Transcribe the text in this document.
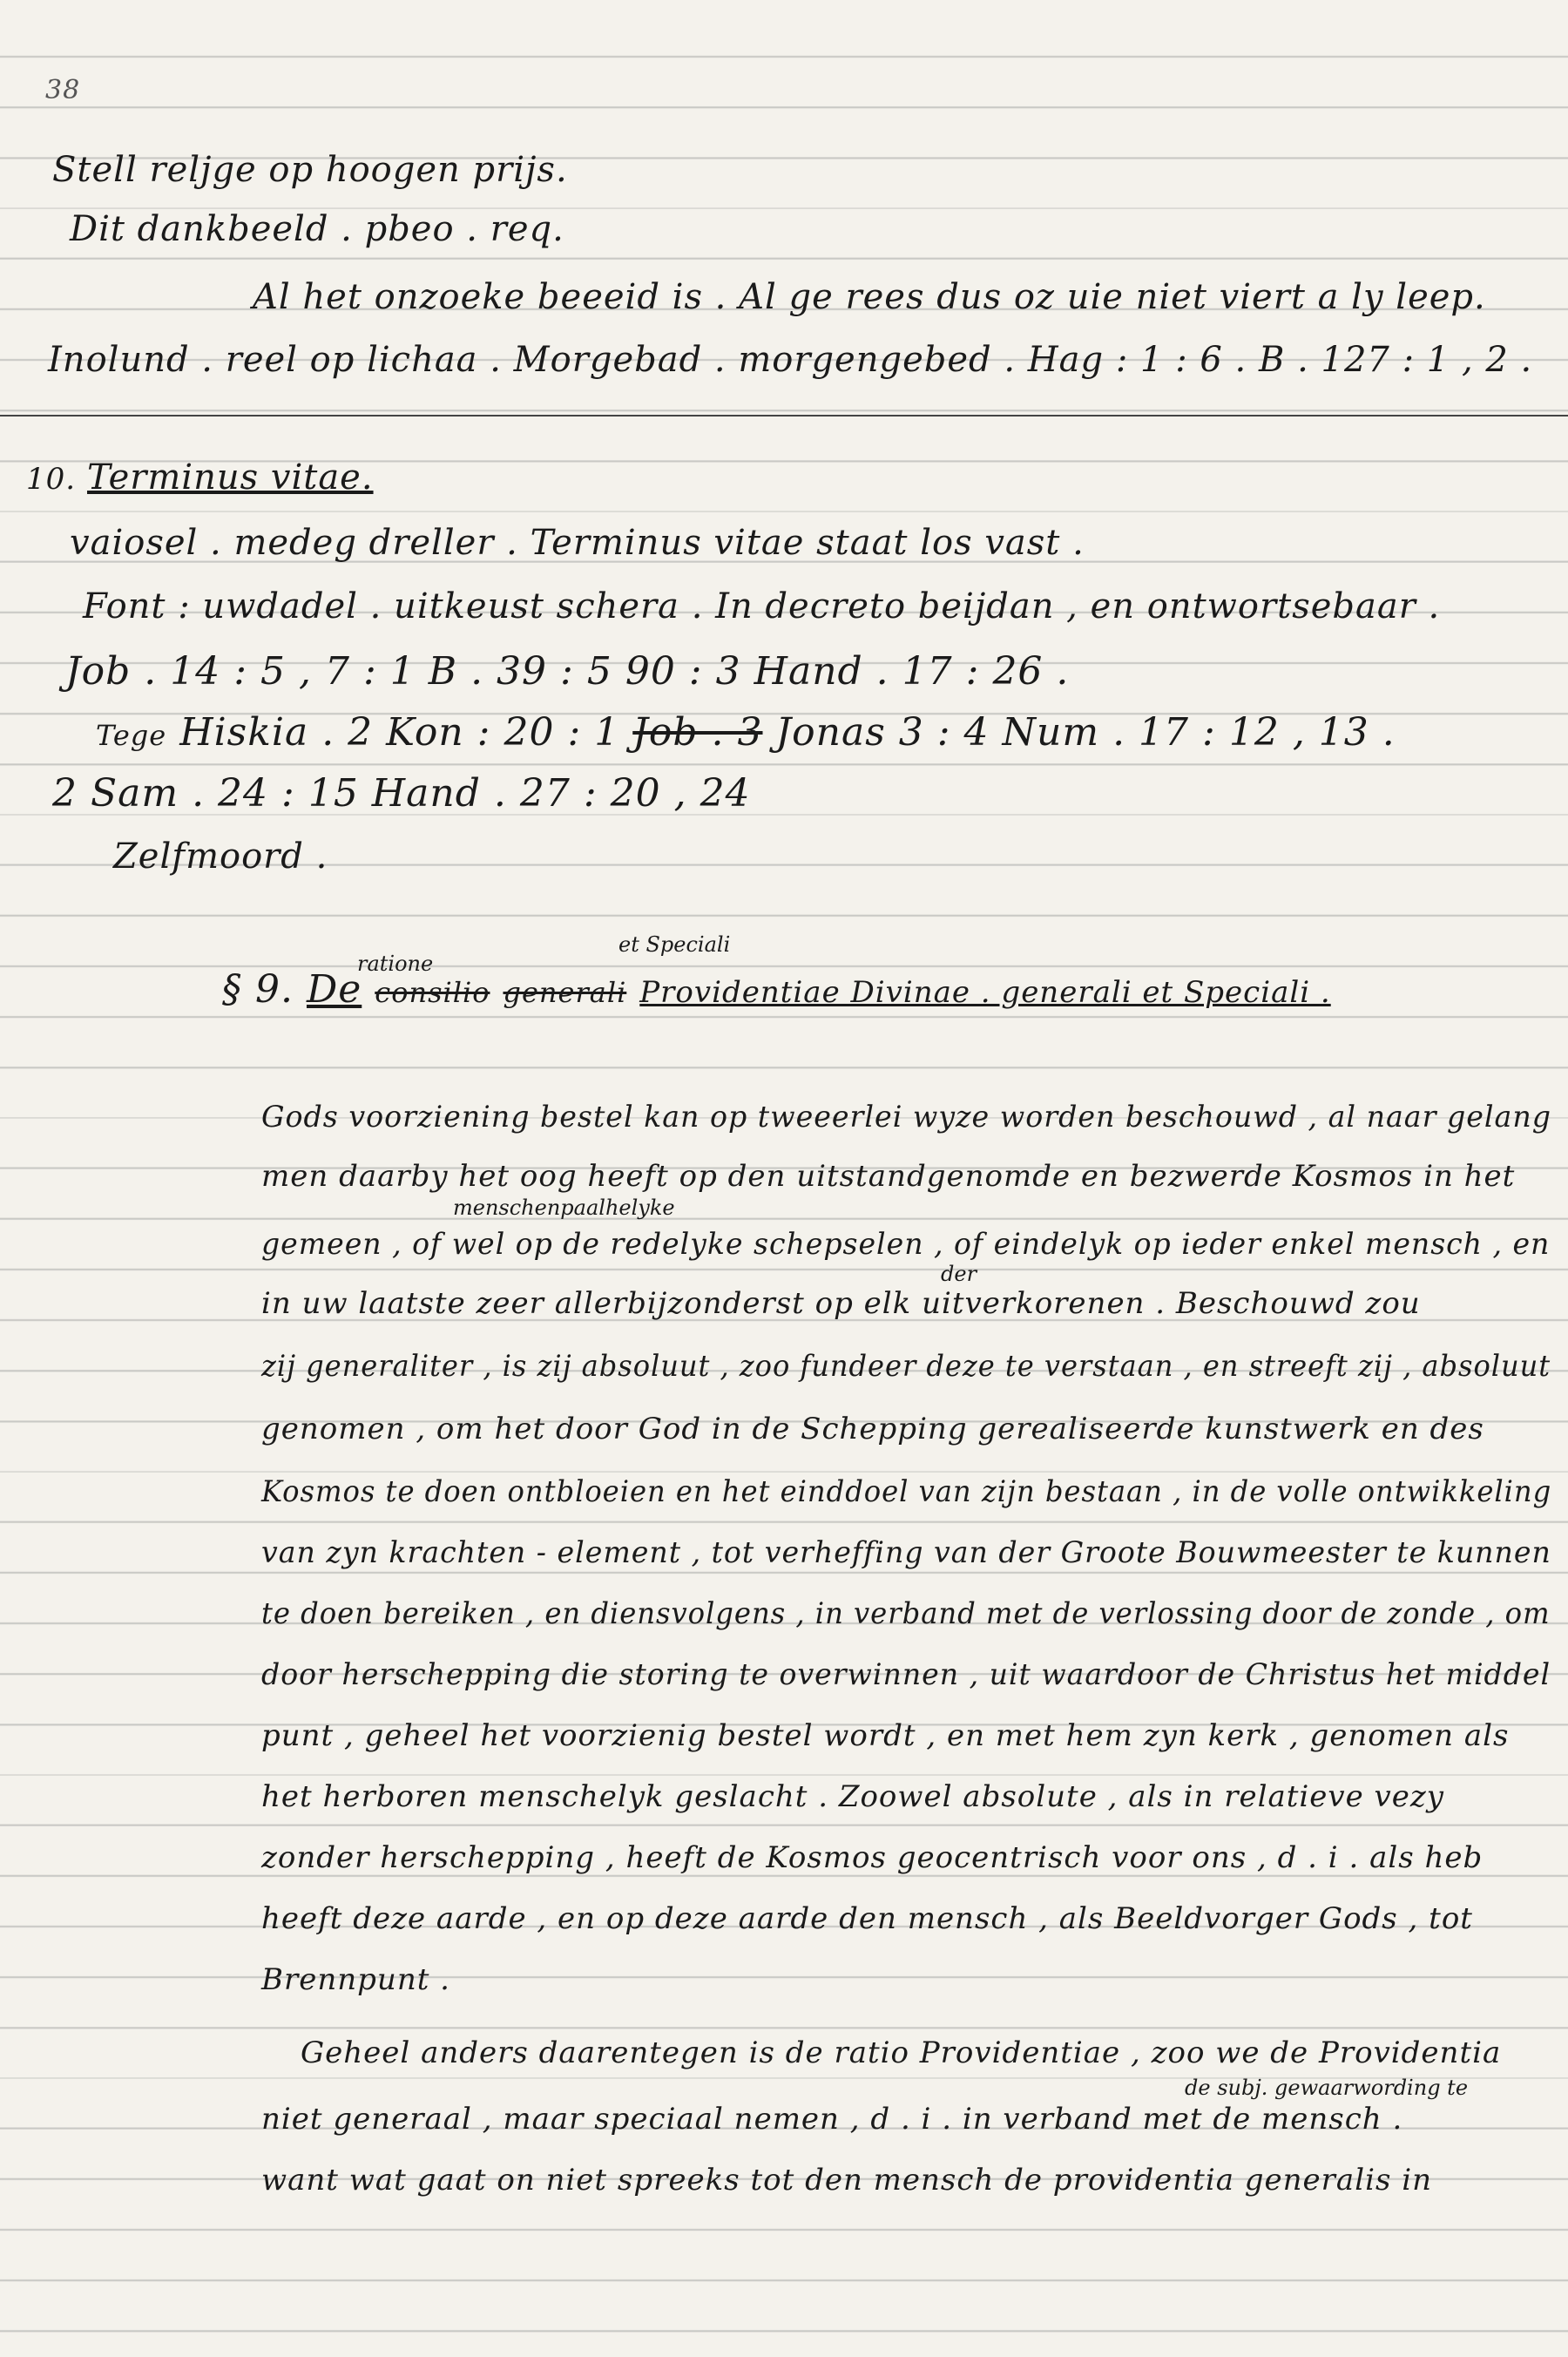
38
Stell reljge op hoogen prijs.
Dit dankbeeld . pbeo . req.
Al het onzoeke beeeid is . Al ge rees dus oz uie niet viert a ly leep.
Inolund . reel op lichaa . Morgebad . morgengebed . Hag : 1 : 6 . B . 127 : 1 , 2 .
10. Terminus vitae.
vaiosel . medeg dreller . Terminus vitae staat los vast .
Font : uwdadel . uitkeust schera . In decreto beijdan , en ontwortsebaar .
Job . 14 : 5 , 7 : 1 B . 39 : 5 90 : 3 Hand . 17 : 26 .
Tege Hiskia . 2 Kon : 20 : 1 Job . 3 Jonas 3 : 4 Num . 17 : 12 , 13 .
2 Sam . 24 : 15 Hand . 27 : 20 , 24
Zelfmoord .
ratione
et Speciali
§ 9. De consilio generali Providentiae Divinae . generali et Speciali .
Gods voorziening bestel kan op tweeerlei wyze worden beschouwd , al naar gelang
men daarby het oog heeft op den uitstandgenomde en bezwerde Kosmos in het
menschenpaalhelyke
gemeen , of wel op de redelyke schepselen , of eindelyk op ieder enkel mensch , en
der
in uw laatste zeer allerbijzonderst op elk uitverkorenen . Beschouwd zou
zij generaliter , is zij absoluut , zoo fundeer deze te verstaan , en streeft zij , absoluut
genomen , om het door God in de Schepping gerealiseerde kunstwerk en des
Kosmos te doen ontbloeien en het einddoel van zijn bestaan , in de volle ontwikkeling
van zyn krachten - element , tot verheffing van der Groote Bouwmeester te kunnen
te doen bereiken , en diensvolgens , in verband met de verlossing door de zonde , om
door herschepping die storing te overwinnen , uit waardoor de Christus het middel
punt , geheel het voorzienig bestel wordt , en met hem zyn kerk , genomen als
het herboren menschelyk geslacht . Zoowel absolute , als in relatieve vezy
zonder herschepping , heeft de Kosmos geocentrisch voor ons , d . i . als heb
heeft deze aarde , en op deze aarde den mensch , als Beeldvorger Gods , tot
Brennpunt .
Geheel anders daarentegen is de ratio Providentiae , zoo we de Providentia
de subj. gewaarwording te
niet generaal , maar speciaal nemen , d . i . in verband met de mensch .
want wat gaat on niet spreeks tot den mensch de providentia generalis in
